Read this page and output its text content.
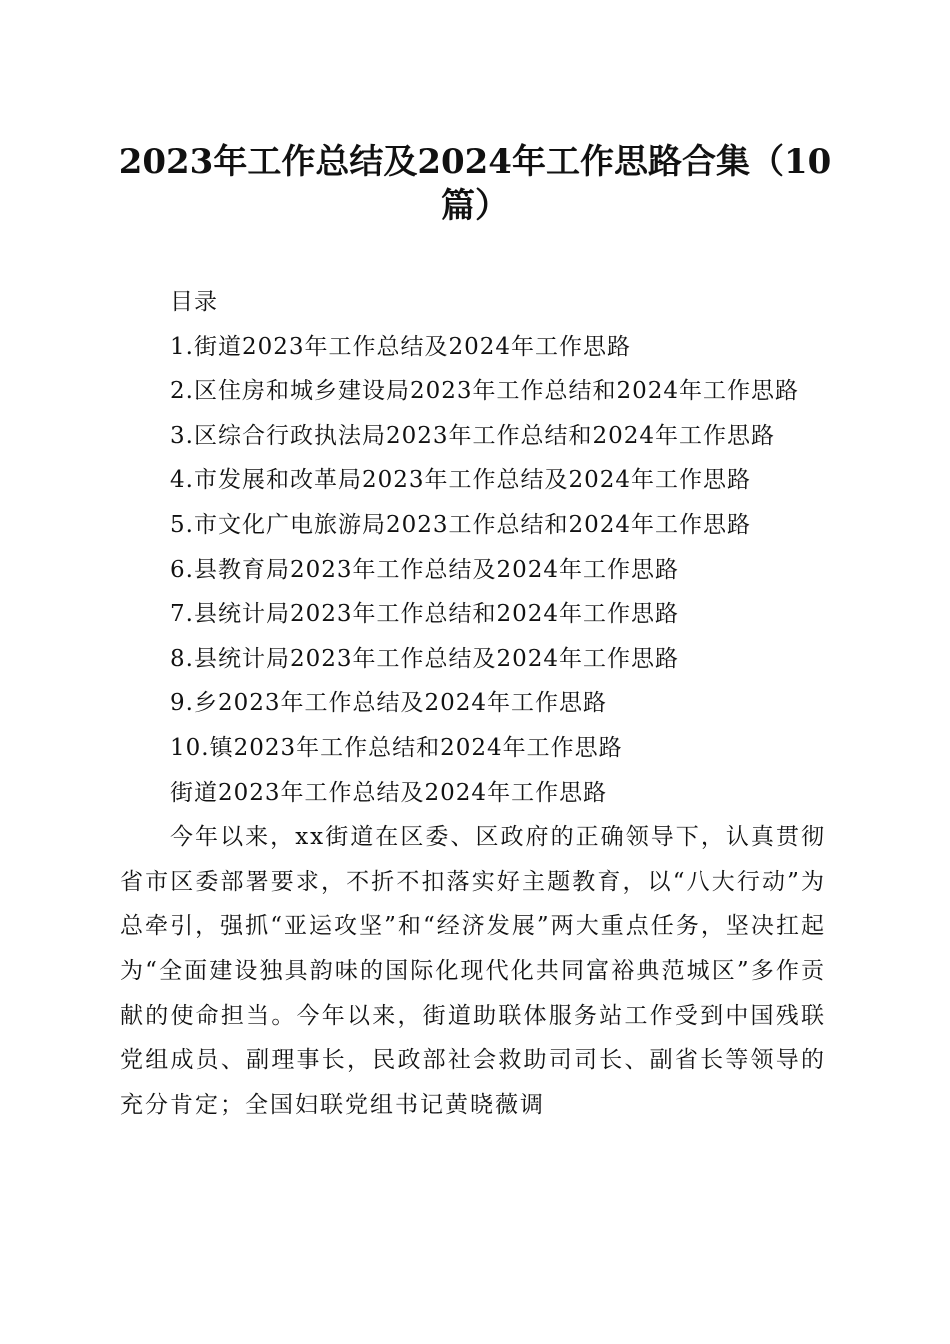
2023年工作总结及2024年工作思路合集（10篇）
目录
1.街道2023年工作总结及2024年工作思路
2.区住房和城乡建设局2023年工作总结和2024年工作思路
3.区综合行政执法局2023年工作总结和2024年工作思路
4.市发展和改革局2023年工作总结及2024年工作思路
5.市文化广电旅游局2023工作总结和2024年工作思路
6.县教育局2023年工作总结及2024年工作思路
7.县统计局2023年工作总结和2024年工作思路
8.县统计局2023年工作总结及2024年工作思路
9.乡2023年工作总结及2024年工作思路
10.镇2023年工作总结和2024年工作思路
街道2023年工作总结及2024年工作思路
今年以来，xx街道在区委、区政府的正确领导下，认真贯彻省市区委部署要求，不折不扣落实好主题教育，以“八大行动”为总牵引，强抓“亚运攻坚”和“经济发展”两大重点任务，坚决扛起为“全面建设独具韵味的国际化现代化共同富裕典范城区”多作贡献的使命担当。今年以来，街道助联体服务站工作受到中国残联党组成员、副理事长，民政部社会救助司司长、副省长等领导的充分肯定；全国妇联党组书记黄晓薇调
